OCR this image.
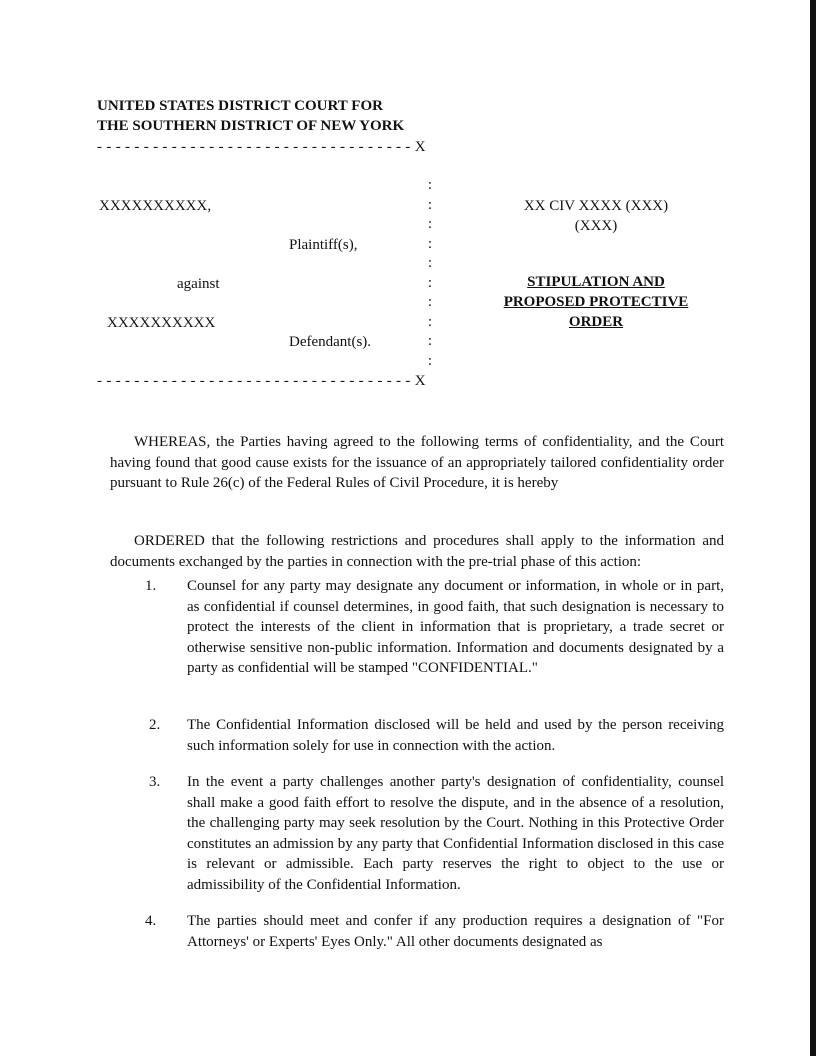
UNITED STATES DISTRICT COURT FOR
THE SOUTHERN DISTRICT OF NEW YORK
- - - - - - - - - - - - - - - - - - - - - - - - - - - - - - - - - - X
:
:
:
:
:
:
:
:
:
:
XXXXXXXXXX,
Plaintiff(s),
against
XXXXXXXXXX
Defendant(s).
- - - - - - - - - - - - - - - - - - - - - - - - - - - - - - - - - - X
XX CIV XXXX (XXX)
(XXX)
STIPULATION AND
PROPOSED PROTECTIVE
ORDER

WHEREAS, the Parties having agreed to the following terms of confidentiality, and the Court having found that good cause exists for the issuance of an appropriately tailored confidentiality order pursuant to Rule 26(c) of the Federal Rules of Civil Procedure, it is hereby

ORDERED that the following restrictions and procedures shall apply to the information and documents exchanged by the parties in connection with the pre-trial phase of this action:

1.	Counsel for any party may designate any document or information, in whole or in part, as confidential if counsel determines, in good faith, that such designation is necessary to protect the interests of the client in information that is proprietary, a trade secret or otherwise sensitive non-public information. Information and documents designated by a party as confidential will be stamped "CONFIDENTIAL."
2.	The Confidential Information disclosed will be held and used by the person receiving such information solely for use in connection with the action.
3.	In the event a party challenges another party's designation of confidentiality, counsel shall make a good faith effort to resolve the dispute, and in the absence of a resolution, the challenging party may seek resolution by the Court. Nothing in this Protective Order constitutes an admission by any party that Confidential Information disclosed in this case is relevant or admissible. Each party reserves the right to object to the use or admissibility of the Confidential Information.
4.	The parties should meet and confer if any production requires a designation of "For Attorneys' or Experts' Eyes Only." All other documents designated as
